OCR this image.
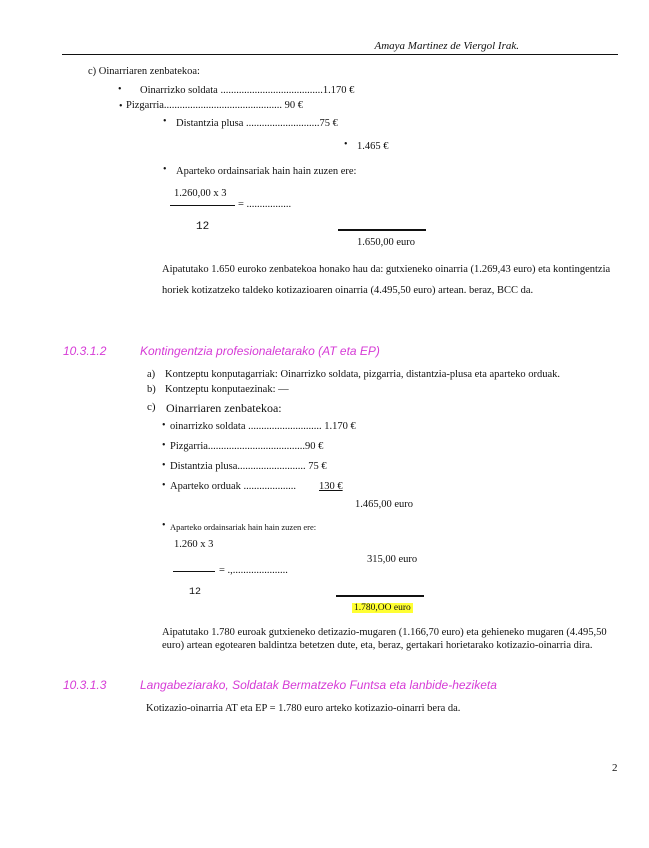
Amaya Martinez de Viergol Irak.
c) Oinarriaren zenbatekoa:
• Oinarrizko soldata .......................................1.170 €
• Pizgarria............................................. 90 €
• Distantzia plusa ............................75 €
• 1.465 €
• Aparteko ordainsariak hain hain zuzen ere:
1.260,00 x 3
= .................
12
1.650,00 euro
Aipatutako 1.650 euroko zenbatekoa honako hau da: gutxieneko oinarria (1.269,43 euro) eta kontingentzia horiek kotizatzeko taldeko kotizazioaren oinarria (4.495,50 euro) artean. beraz, BCC da.
10.3.1.2	Kontingentzia profesionaletarako (AT eta EP)
a) Kontzeptu konputagarriak: Oinarrizko soldata, pizgarria, distantzia-plusa eta aparteko orduak.
b) Kontzeptu konputaezinak: —
c) Oinarriaren zenbatekoa:
• oinarrizko soldata ............................ 1.170 €
• Pizgarria.....................................90 €
• Distantzia plusa.......................... 75 €
• Aparteko orduak .................... 130 €
1.465,00 euro
• Aparteko ordainsariak hain hain zuzen ere:
1.260 x 3
315,00 euro
= .,.....................
12
1.780,OO euro
Aipatutako 1.780 euroak gutxieneko detizazio-mugaren (1.166,70 euro) eta gehieneko mugaren (4.495,50 euro) artean egotearen baldintza betetzen dute, eta, beraz, gertakari horietarako kotizazio-oinarria dira.
10.3.1.3	Langabeziarako, Soldatak Bermatzeko Funtsa eta lanbide-heziketa
Kotizazio-oinarria AT eta EP = 1.780 euro arteko kotizazio-oinarri bera da.
2
